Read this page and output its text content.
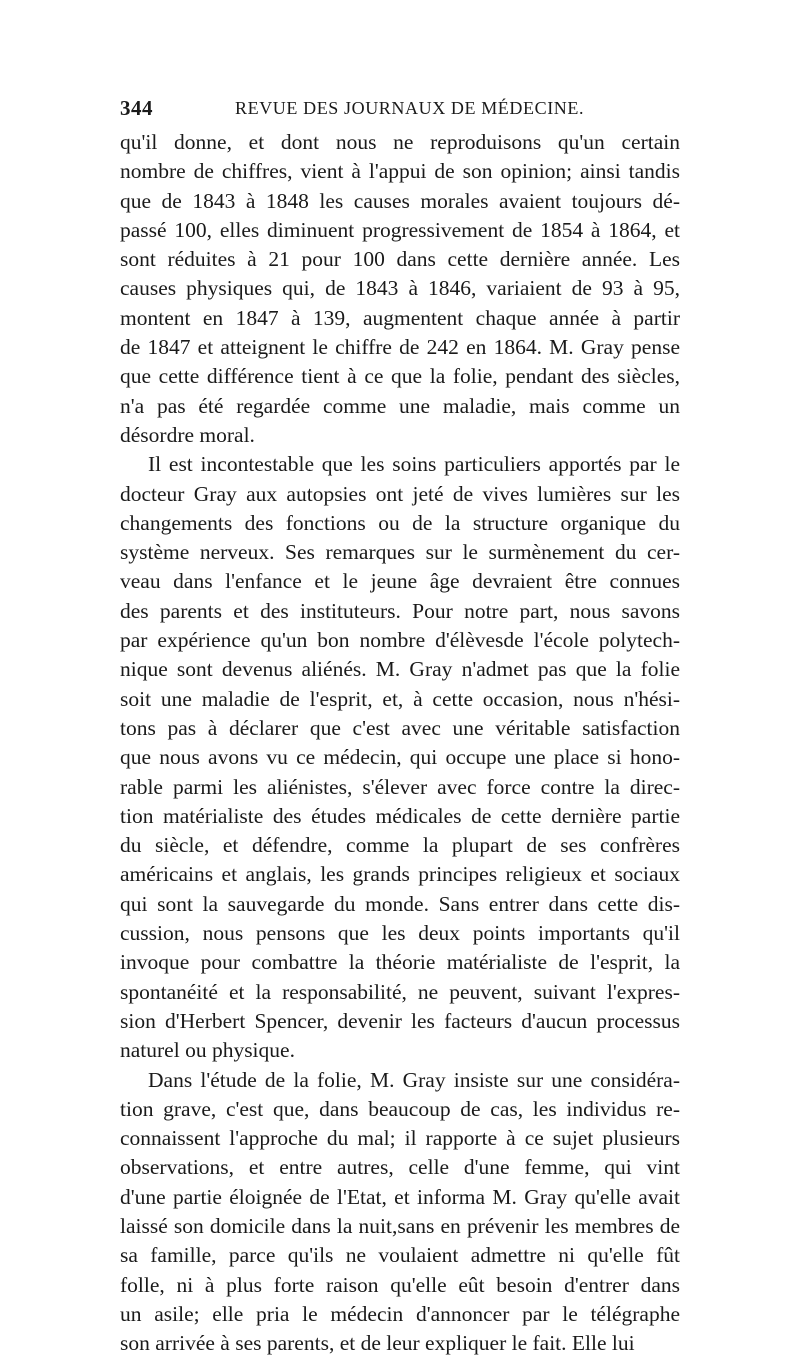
344	REVUE DES JOURNAUX DE MÉDECINE.
qu'il donne, et dont nous ne reproduisons qu'un certain
nombre de chiffres, vient à l'appui de son opinion; ainsi tandis
que de 1843 à 1848 les causes morales avaient toujours dé-
passé 100, elles diminuent progressivement de 1854 à 1864, et
sont réduites à 21 pour 100 dans cette dernière année. Les
causes physiques qui, de 1843 à 1846, variaient de 93 à 95,
montent en 1847 à 139, augmentent chaque année à partir
de 1847 et atteignent le chiffre de 242 en 1864. M. Gray pense
que cette différence tient à ce que la folie, pendant des siècles,
n'a pas été regardée comme une maladie, mais comme un
désordre moral.
Il est incontestable que les soins particuliers apportés par le
docteur Gray aux autopsies ont jeté de vives lumières sur les
changements des fonctions ou de la structure organique du
système nerveux. Ses remarques sur le surmènement du cer-
veau dans l'enfance et le jeune âge devraient être connues
des parents et des instituteurs. Pour notre part, nous savons
par expérience qu'un bon nombre d'élèvesde l'école polytech-
nique sont devenus aliénés. M. Gray n'admet pas que la folie
soit une maladie de l'esprit, et, à cette occasion, nous n'hési-
tons pas à déclarer que c'est avec une véritable satisfaction
que nous avons vu ce médecin, qui occupe une place si hono-
rable parmi les aliénistes, s'élever avec force contre la direc-
tion matérialiste des études médicales de cette dernière partie
du siècle, et défendre, comme la plupart de ses confrères
américains et anglais, les grands principes religieux et sociaux
qui sont la sauvegarde du monde. Sans entrer dans cette dis-
cussion, nous pensons que les deux points importants qu'il
invoque pour combattre la théorie matérialiste de l'esprit, la
spontanéité et la responsabilité, ne peuvent, suivant l'expres-
sion d'Herbert Spencer, devenir les facteurs d'aucun processus
naturel ou physique.
Dans l'étude de la folie, M. Gray insiste sur une considéra-
tion grave, c'est que, dans beaucoup de cas, les individus re-
connaissent l'approche du mal; il rapporte à ce sujet plusieurs
observations, et entre autres, celle d'une femme, qui vint
d'une partie éloignée de l'Etat, et informa M. Gray qu'elle avait
laissé son domicile dans la nuit,sans en prévenir les membres de
sa famille, parce qu'ils ne voulaient admettre ni qu'elle fût
folle, ni à plus forte raison qu'elle eût besoin d'entrer dans
un asile; elle pria le médecin d'annoncer par le télégraphe
son arrivée à ses parents, et de leur expliquer le fait. Elle lui
